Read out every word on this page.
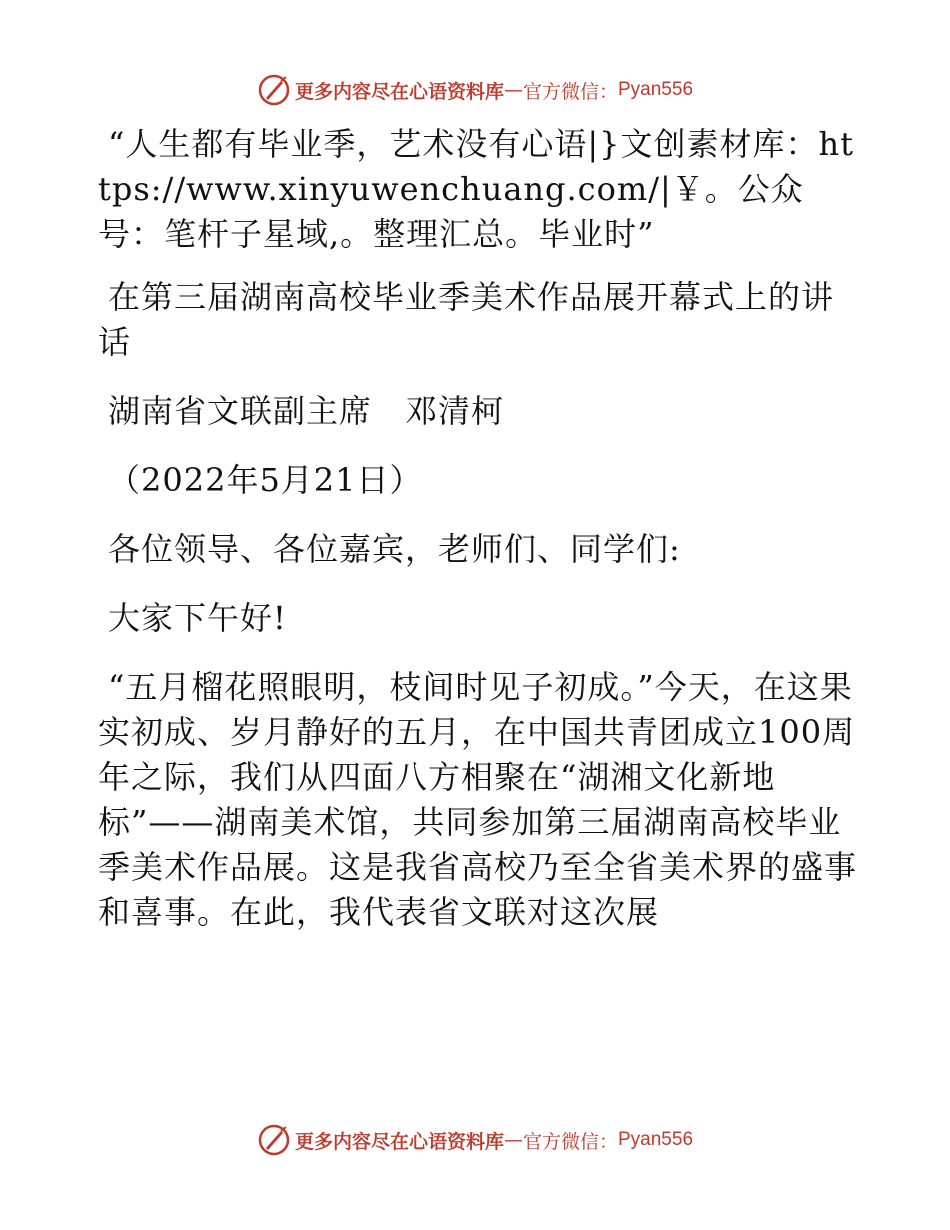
更多内容尽在心语资料库 — 官方微信： Pyan556

“人生都有毕业季，艺术没有心语|}文创素材库：https://www.xinyuwenchuang.com/|￥。公众号：笔杆子星域,。整理汇总。毕业时”

在第三届湖南高校毕业季美术作品展开幕式上的讲话

湖南省文联副主席　邓清柯

（2022年5月21日）

各位领导、各位嘉宾，老师们、同学们:

大家下午好!

“五月榴花照眼明，枝间时见子初成。”今天，在这果实初成、岁月静好的五月，在中国共青团成立100周年之际，我们从四面八方相聚在“湖湘文化新地标”——湖南美术馆，共同参加第三届湖南高校毕业季美术作品展。这是我省高校乃至全省美术界的盛事和喜事。在此，我代表省文联对这次展

更多内容尽在心语资料库 — 官方微信： Pyan556
